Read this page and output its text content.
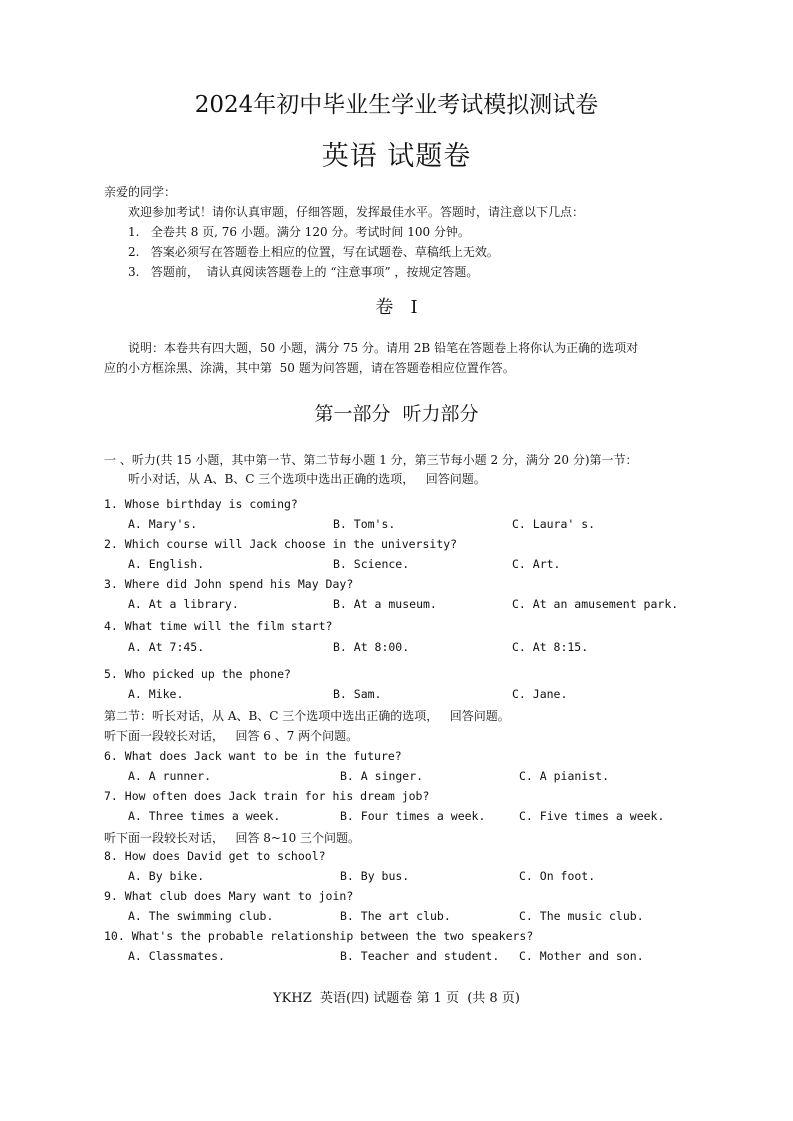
2024年初中毕业生学业考试模拟测试卷
英语 试题卷
亲爱的同学：
欢迎参加考试！请你认真审题，仔细答题，发挥最佳水平。答题时，请注意以下几点：
1.   全卷共 8 页, 76 小题。满分 120 分。考试时间 100 分钟。
2.   答案必须写在答题卷上相应的位置，写在试题卷、草稿纸上无效。
3.   答题前，  请认真阅读答题卷上的 “注意事项” ，按规定答题。
卷   Ⅰ
说明：本卷共有四大题，50 小题，满分 75 分。请用 2B 铅笔在答题卷上将你认为正确的选项对
应的小方框涂黑、涂满，其中第  50 题为问答题，请在答题卷相应位置作答。
第一部分  听力部分
一 、听力(共 15 小题，其中第一节、第二节每小题 1 分，第三节每小题 2 分，满分 20 分)第一节：
听小对话，从 A、B、C 三个选项中选出正确的选项，   回答问题。
1. Whose birthday is coming?
A. Mary's.	B. Tom's.	C. Laura' s.
2. Which course will Jack choose in the university?
A. English.	B. Science.	C. Art.
3. Where did John spend his May Day?
A. At a library.	B. At a museum.	C. At an amusement park.
4. What time will the film start?
A. At 7:45.	B. At 8:00.	C. At 8:15.
5. Who picked up the phone?
A. Mike.	B. Sam.	C. Jane.
第二节：听长对话，从 A、B、C 三个选项中选出正确的选项，   回答问题。
听下面一段较长对话，   回答 6 、7 两个问题。
6. What does Jack want to be in the future?
A. A runner.	B. A singer.	C. A pianist.
7. How often does Jack train for his dream job?
A. Three times a week.	B. Four times a week.	C. Five times a week.
听下面一段较长对话，   回答 8~10 三个问题。
8. How does David get to school?
A. By bike.	B. By bus.	C. On foot.
9. What club does Mary want to join?
A. The swimming club.	B. The art club.	C. The music club.
10. What's the probable relationship between the two speakers?
A. Classmates.	B. Teacher and student. C. Mother and son.
YKHZ  英语(四) 试题卷 第 1 页  (共 8 页)
